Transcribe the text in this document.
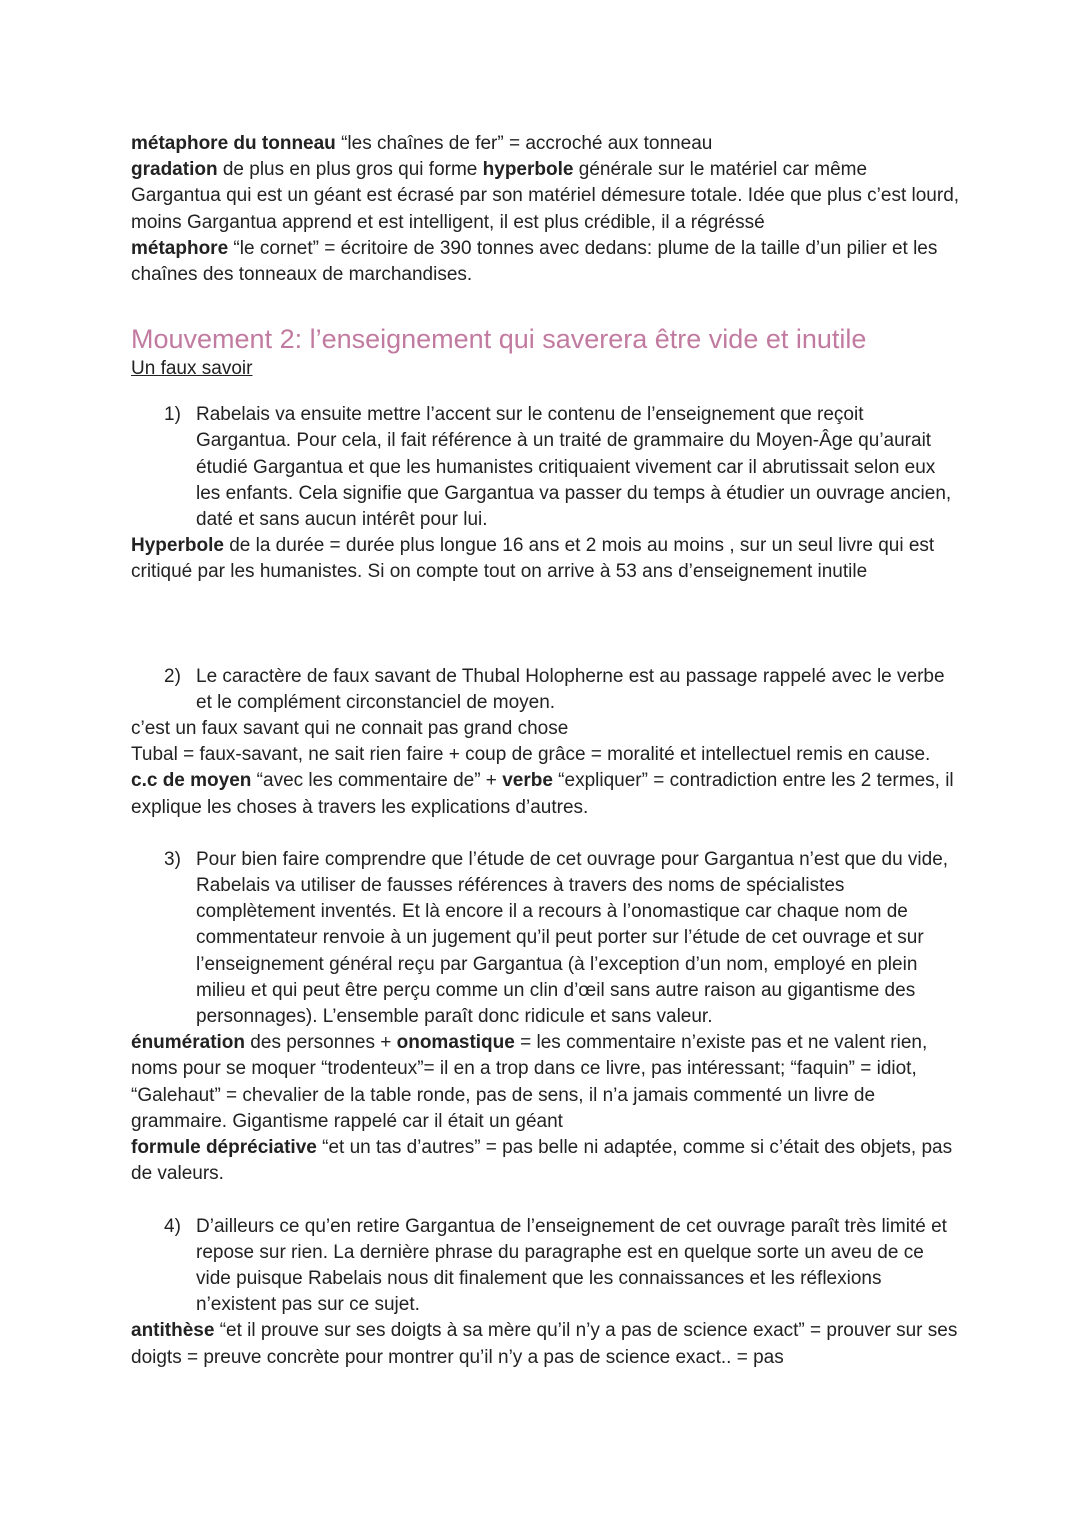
métaphore du tonneau “les chaînes de fer” = accroché aux tonneau

gradation de plus en plus gros qui forme hyperbole générale sur le matériel car même Gargantua qui est un géant est écrasé par son matériel démesure totale. Idée que plus c’est lourd, moins Gargantua apprend et est intelligent, il est plus crédible, il a régréssé

métaphore “le cornet” = écritoire de 390 tonnes avec dedans: plume de la taille d’un pilier et les chaînes des tonneaux de marchandises.

Mouvement 2: l’enseignement qui saverera être vide et inutile

Un faux savoir

1) Rabelais va ensuite mettre l’accent sur le contenu de l’enseignement que reçoit Gargantua. Pour cela, il fait référence à un traité de grammaire du Moyen-Âge qu’aurait étudié Gargantua et que les humanistes critiquaient vivement car il abrutissait selon eux les enfants. Cela signifie que Gargantua va passer du temps à étudier un ouvrage ancien, daté et sans aucun intérêt pour lui.

Hyperbole de la durée = durée plus longue 16 ans et 2 mois au moins , sur un seul livre qui est critiqué par les humanistes. Si on compte tout on arrive à 53 ans d’enseignement inutile

2) Le caractère de faux savant de Thubal Holopherne est au passage rappelé avec le verbe et le complément circonstanciel de moyen.

c’est un faux savant qui ne connait pas grand chose

Tubal = faux-savant, ne sait rien faire + coup de grâce = moralité et intellectuel remis en cause.

c.c de moyen “avec les commentaire de” + verbe “expliquer” = contradiction entre les 2 termes, il explique les choses à travers les explications d’autres.

3) Pour bien faire comprendre que l’étude de cet ouvrage pour Gargantua n’est que du vide, Rabelais va utiliser de fausses références à travers des noms de spécialistes complètement inventés. Et là encore il a recours à l’onomastique car chaque nom de commentateur renvoie à un jugement qu’il peut porter sur l’étude de cet ouvrage et sur l’enseignement général reçu par Gargantua (à l’exception d’un nom, employé en plein milieu et qui peut être perçu comme un clin d’œil sans autre raison au gigantisme des personnages). L’ensemble paraît donc ridicule et sans valeur.

énumération des personnes + onomastique = les commentaire n’existe pas et ne valent rien, noms pour se moquer “trodenteux”= il en a trop dans ce livre, pas intéressant; “faquin” = idiot, “Galehaut” = chevalier de la table ronde, pas de sens, il n’a jamais commenté un livre de grammaire. Gigantisme rappelé car il était un géant

formule dépréciative “et un tas d’autres” = pas belle ni adaptée, comme si c’était des objets, pas de valeurs.

4) D’ailleurs ce qu’en retire Gargantua de l’enseignement de cet ouvrage paraît très limité et repose sur rien. La dernière phrase du paragraphe est en quelque sorte un aveu de ce vide puisque Rabelais nous dit finalement que les connaissances et les réflexions n’existent pas sur ce sujet.

antithèse “et il prouve sur ses doigts à sa mère qu’il n’y a pas de science exact” = prouver sur ses doigts = preuve concrète pour montrer qu’il n’y a pas de science exact.. = pas
